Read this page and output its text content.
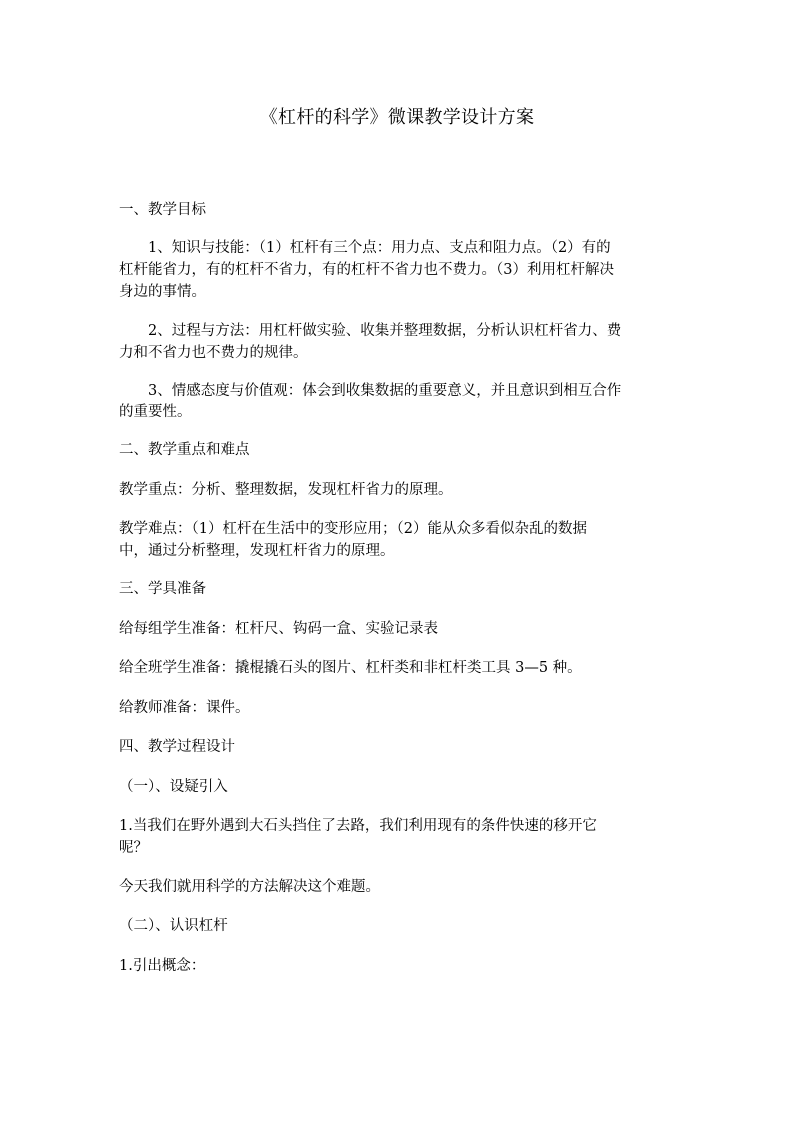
《杠杆的科学》微课教学设计方案
一、教学目标
1、知识与技能：（1）杠杆有三个点：用力点、支点和阻力点。（2）有的
杠杆能省力，有的杠杆不省力，有的杠杆不省力也不费力。（3）利用杠杆解决
身边的事情。
2、过程与方法：用杠杆做实验、收集并整理数据，分析认识杠杆省力、费
力和不省力也不费力的规律。
3、情感态度与价值观：体会到收集数据的重要意义，并且意识到相互合作
的重要性。
二、教学重点和难点
教学重点：分析、整理数据，发现杠杆省力的原理。
教学难点：（1）杠杆在生活中的变形应用；（2）能从众多看似杂乱的数据
中，通过分析整理，发现杠杆省力的原理。
三、学具准备
给每组学生准备：杠杆尺、钩码一盒、实验记录表
给全班学生准备：撬棍撬石头的图片、杠杆类和非杠杆类工具 3—5 种。
给教师准备：课件。
四、教学过程设计
（一）、设疑引入
1.当我们在野外遇到大石头挡住了去路，我们利用现有的条件快速的移开它
呢？
今天我们就用科学的方法解决这个难题。
（二）、认识杠杆
1.引出概念：
